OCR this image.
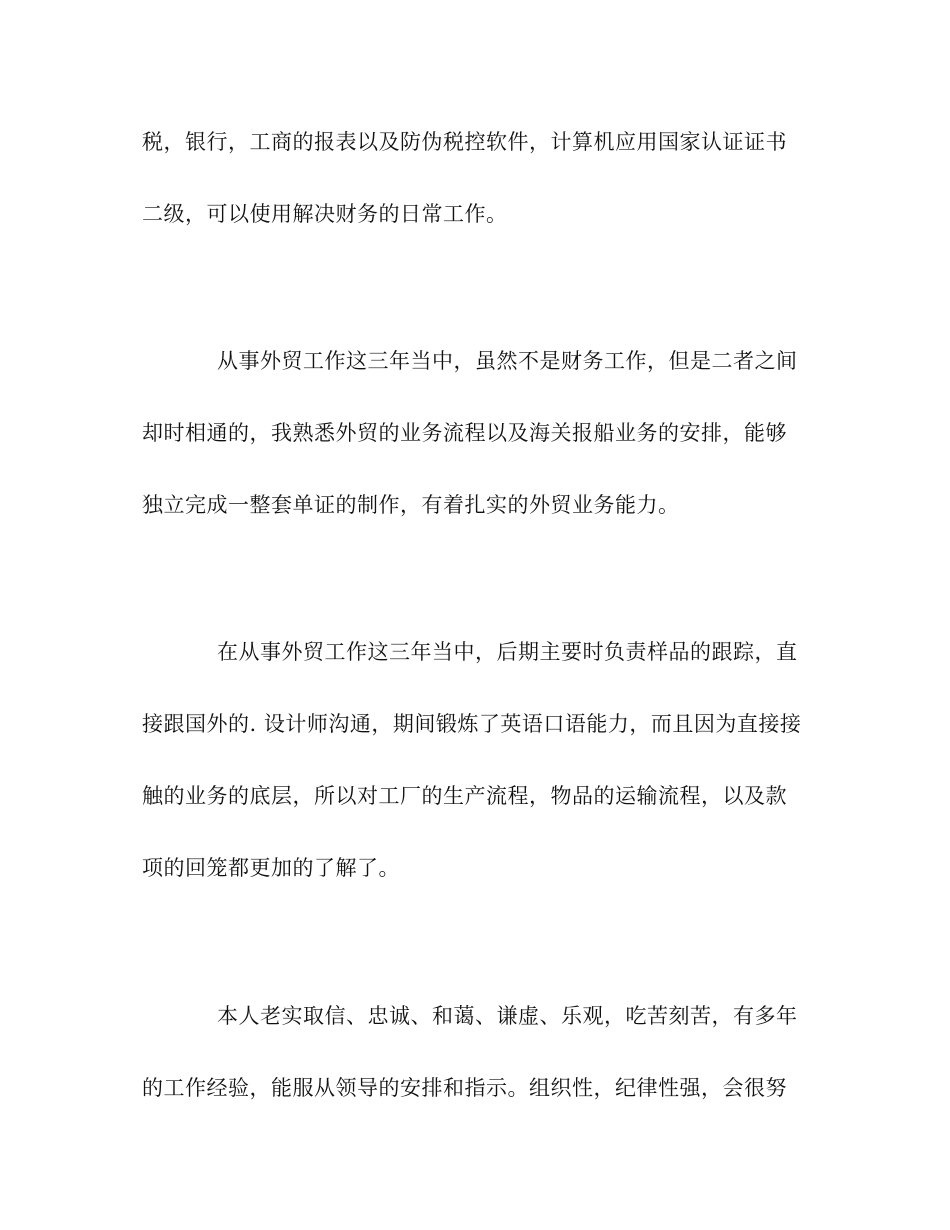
税，银行，工商的报表以及防伪税控软件，计算机应用国家认证证书
二级，可以使用解决财务的日常工作。
从事外贸工作这三年当中，虽然不是财务工作，但是二者之间
却时相通的，我熟悉外贸的业务流程以及海关报船业务的安排，能够
独立完成一整套单证的制作，有着扎实的外贸业务能力。
在从事外贸工作这三年当中，后期主要时负责样品的跟踪，直
接跟国外的. 设计师沟通，期间锻炼了英语口语能力，而且因为直接接
触的业务的底层，所以对工厂的生产流程，物品的运输流程，以及款
项的回笼都更加的了解了。
本人老实取信、忠诚、和蔼、谦虚、乐观，吃苦刻苦，有多年
的工作经验，能服从领导的安排和指示。组织性，纪律性强，会很努
